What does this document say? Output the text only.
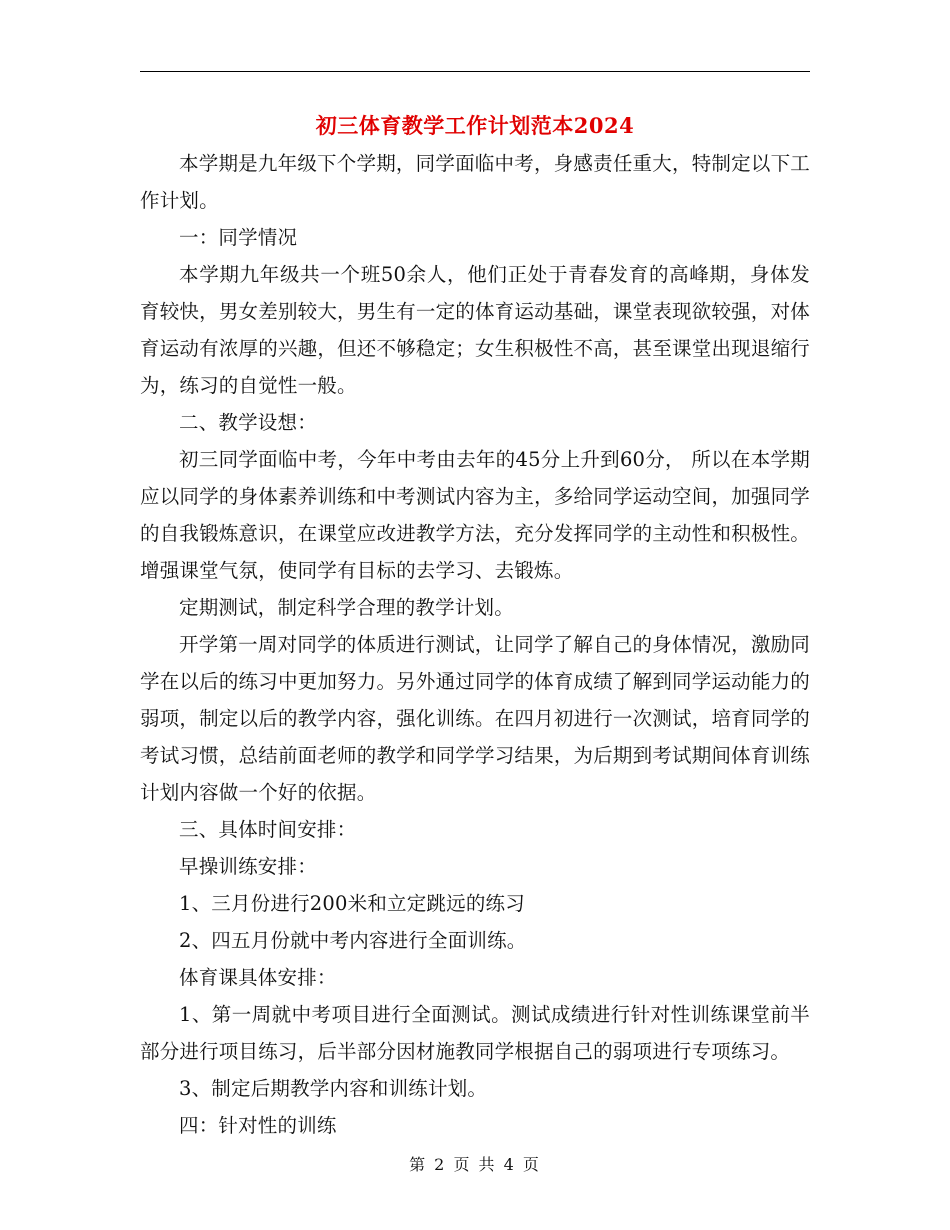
初三体育教学工作计划范本2024

本学期是九年级下个学期，同学面临中考，身感责任重大，特制定以下工作计划。

一：同学情况

本学期九年级共一个班50余人，他们正处于青春发育的高峰期，身体发育较快，男女差别较大，男生有一定的体育运动基础，课堂表现欲较强，对体育运动有浓厚的兴趣，但还不够稳定；女生积极性不高，甚至课堂出现退缩行为，练习的自觉性一般。

二、教学设想：

初三同学面临中考，今年中考由去年的45分上升到60分， 所以在本学期应以同学的身体素养训练和中考测试内容为主，多给同学运动空间，加强同学的自我锻炼意识，在课堂应改进教学方法，充分发挥同学的主动性和积极性。增强课堂气氛，使同学有目标的去学习、去锻炼。

定期测试，制定科学合理的教学计划。

开学第一周对同学的体质进行测试，让同学了解自己的身体情况，激励同学在以后的练习中更加努力。另外通过同学的体育成绩了解到同学运动能力的弱项，制定以后的教学内容，强化训练。在四月初进行一次测试，培育同学的考试习惯，总结前面老师的教学和同学学习结果，为后期到考试期间体育训练计划内容做一个好的依据。

三、具体时间安排：

早操训练安排：

1、三月份进行200米和立定跳远的练习

2、四五月份就中考内容进行全面训练。

体育课具体安排：

1、第一周就中考项目进行全面测试。测试成绩进行针对性训练课堂前半部分进行项目练习，后半部分因材施教同学根据自己的弱项进行专项练习。

3、制定后期教学内容和训练计划。

四：针对性的训练

第 2 页 共 4 页
